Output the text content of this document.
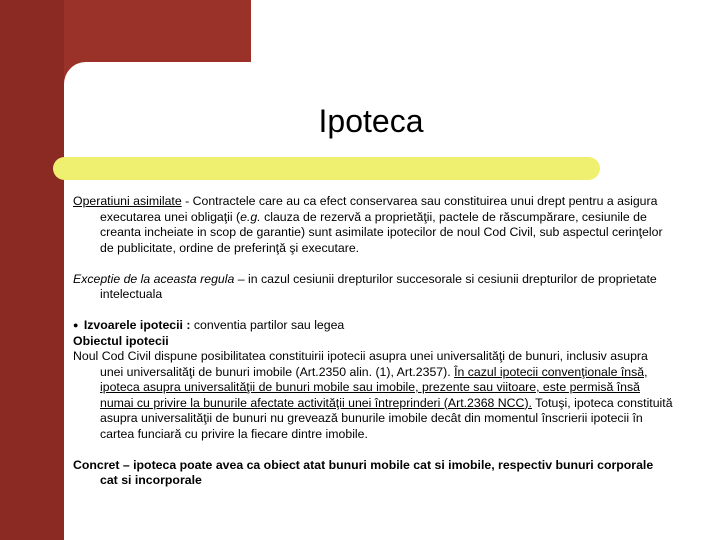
Ipoteca

Operatiuni asimilate - Contractele care au ca efect conservarea sau constituirea unui drept pentru a asigura executarea unei obligaţii (e.g. clauza de rezervă a proprietăţii, pactele de răscumpărare, cesiunile de creanta incheiate in scop de garantie) sunt asimilate ipotecilor de noul Cod Civil, sub aspectul cerinţelor de publicitate, ordine de preferinţă şi executare.

Exceptie de la aceasta regula – in cazul cesiunii drepturilor succesorale si cesiunii drepturilor de proprietate intelectuala

● Izvoarele ipotecii : conventia partilor sau legea

Obiectul ipotecii

Noul Cod Civil dispune posibilitatea constituirii ipotecii asupra unei universalităţi de bunuri, inclusiv asupra unei universalităţi de bunuri imobile (Art.2350 alin. (1), Art.2357). În cazul ipotecii convenţionale însă, ipoteca asupra universalităţii de bunuri mobile sau imobile, prezente sau viitoare, este permisă însă numai cu privire la bunurile afectate activităţii unei întreprinderi (Art.2368 NCC). Totuşi, ipoteca constituită asupra universalităţii de bunuri nu grevează bunurile imobile decât din momentul înscrierii ipotecii în cartea funciară cu privire la fiecare dintre imobile.

Concret – ipoteca poate avea ca obiect atat bunuri mobile cat si imobile, respectiv bunuri corporale cat si incorporale
